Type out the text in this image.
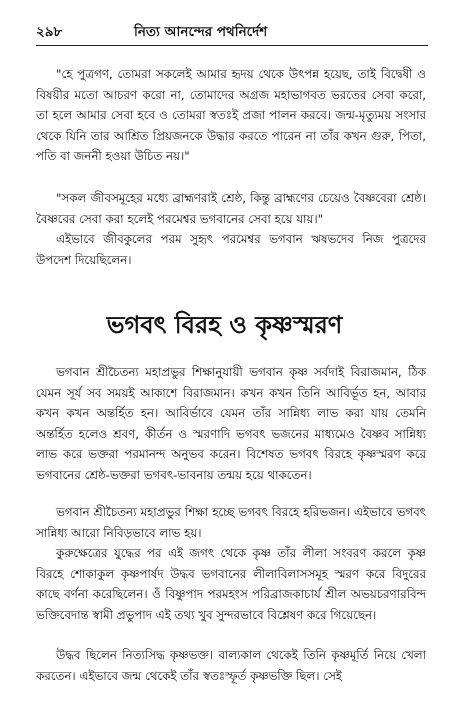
২৯৮	নিত্য আনন্দের পথনির্দেশ

"হে পুত্রগণ, তোমরা সকলেই আমার হৃদয় থেকে উৎপন্ন হয়েছ, তাই বিদ্বেষী ও বিষয়ীর মতো আচরণ করো না, তোমাদের অগ্রজ মহাভাগবত ভরতের সেবা করো, তা হলে আমার সেবা হবে ও তোমরা স্বতঃই প্রজা পালন করবে। জন্ম-মৃত্যুময় সংসার থেকে যিনি তার আশ্রিত প্রিয়জনকে উদ্ধার করতে পারেন না তাঁর কখন গুরু, পিতা, পতি বা জননী হওয়া উচিত নয়।"

"সকল জীবসমূহের মধ্যে ব্রাহ্মণরাই শ্রেষ্ঠ, কিন্তু ব্রাহ্মণের চেয়েও বৈষ্ণবেরা শ্রেষ্ঠ। বৈষ্ণবের সেবা করা হলেই পরমেশ্বর ভগবানের সেবা হয়ে যায়।"

এইভাবে জীবকুলের পরম সুহৃৎ পরমেশ্বর ভগবান ঋষভদেব নিজ পুত্রদের উপদেশ দিয়েছিলেন।

ভগবৎ বিরহ ও কৃষ্ণস্মরণ

ভগবান শ্রীচৈতন্য মহাপ্রভুর শিক্ষানুযায়ী ভগবান কৃষ্ণ সর্বদাই বিরাজমান, ঠিক যেমন সূর্য সব সময়ই আকাশে বিরাজমান। কখন কখন তিনি আবির্ভূত হন, আবার কখন কখন অন্তর্হিত হন। আবির্ভাবে যেমন তাঁর সান্নিধ্য লাভ করা যায় তেমনি অন্তর্হিত হলেও শ্রবণ, কীর্তন ও স্মরণাদি ভগবৎ ভজনের মাধ্যমেও বৈষ্ণব সান্নিধ্য লাভ করে ভক্তরা পরমানন্দ অনুভব করেন। বিশেষত ভগবৎ বিরহে কৃষ্ণস্মরণ করে ভগবানের শ্রেষ্ঠ-ভক্তরা ভগবৎ-ভাবনায় তন্ময় হয়ে থাকতেন।

ভগবান শ্রীচৈতন্য মহাপ্রভুর শিক্ষা হচ্ছে ভগবৎ বিরহে হরিভজন। এইভাবে ভগবৎ সান্নিধ্য আরো নিবিড়ভাবে লাভ হয়।

কুরুক্ষেত্রের যুদ্ধের পর এই জগৎ থেকে কৃষ্ণ তাঁর লীলা সংবরণ করলে কৃষ্ণ বিরহে শোকাকুল কৃষ্ণপার্ষদ উদ্ধব ভগবানের লীলাবিলাসসমূহ স্মরণ করে বিদুরের কাছে বর্ণনা করেছিলেন। ওঁ বিষ্ণুপাদ পরমহংস পরিব্রাজকাচার্য শ্রীল অভয়চরণারবিন্দ ভক্তিবেদান্ত স্বামী প্রভুপাদ এই তথ্য খুব সুন্দরভাবে বিশ্লেষণ করে গিয়েছেন।

উদ্ধব ছিলেন নিত্যসিদ্ধ কৃষ্ণভক্ত। বাল্যকাল থেকেই তিনি কৃষ্ণমূর্তি নিয়ে খেলা করতেন। এইভাবে জন্ম থেকেই তাঁর স্বতঃস্ফূর্ত কৃষ্ণভক্তি ছিল। সেই
